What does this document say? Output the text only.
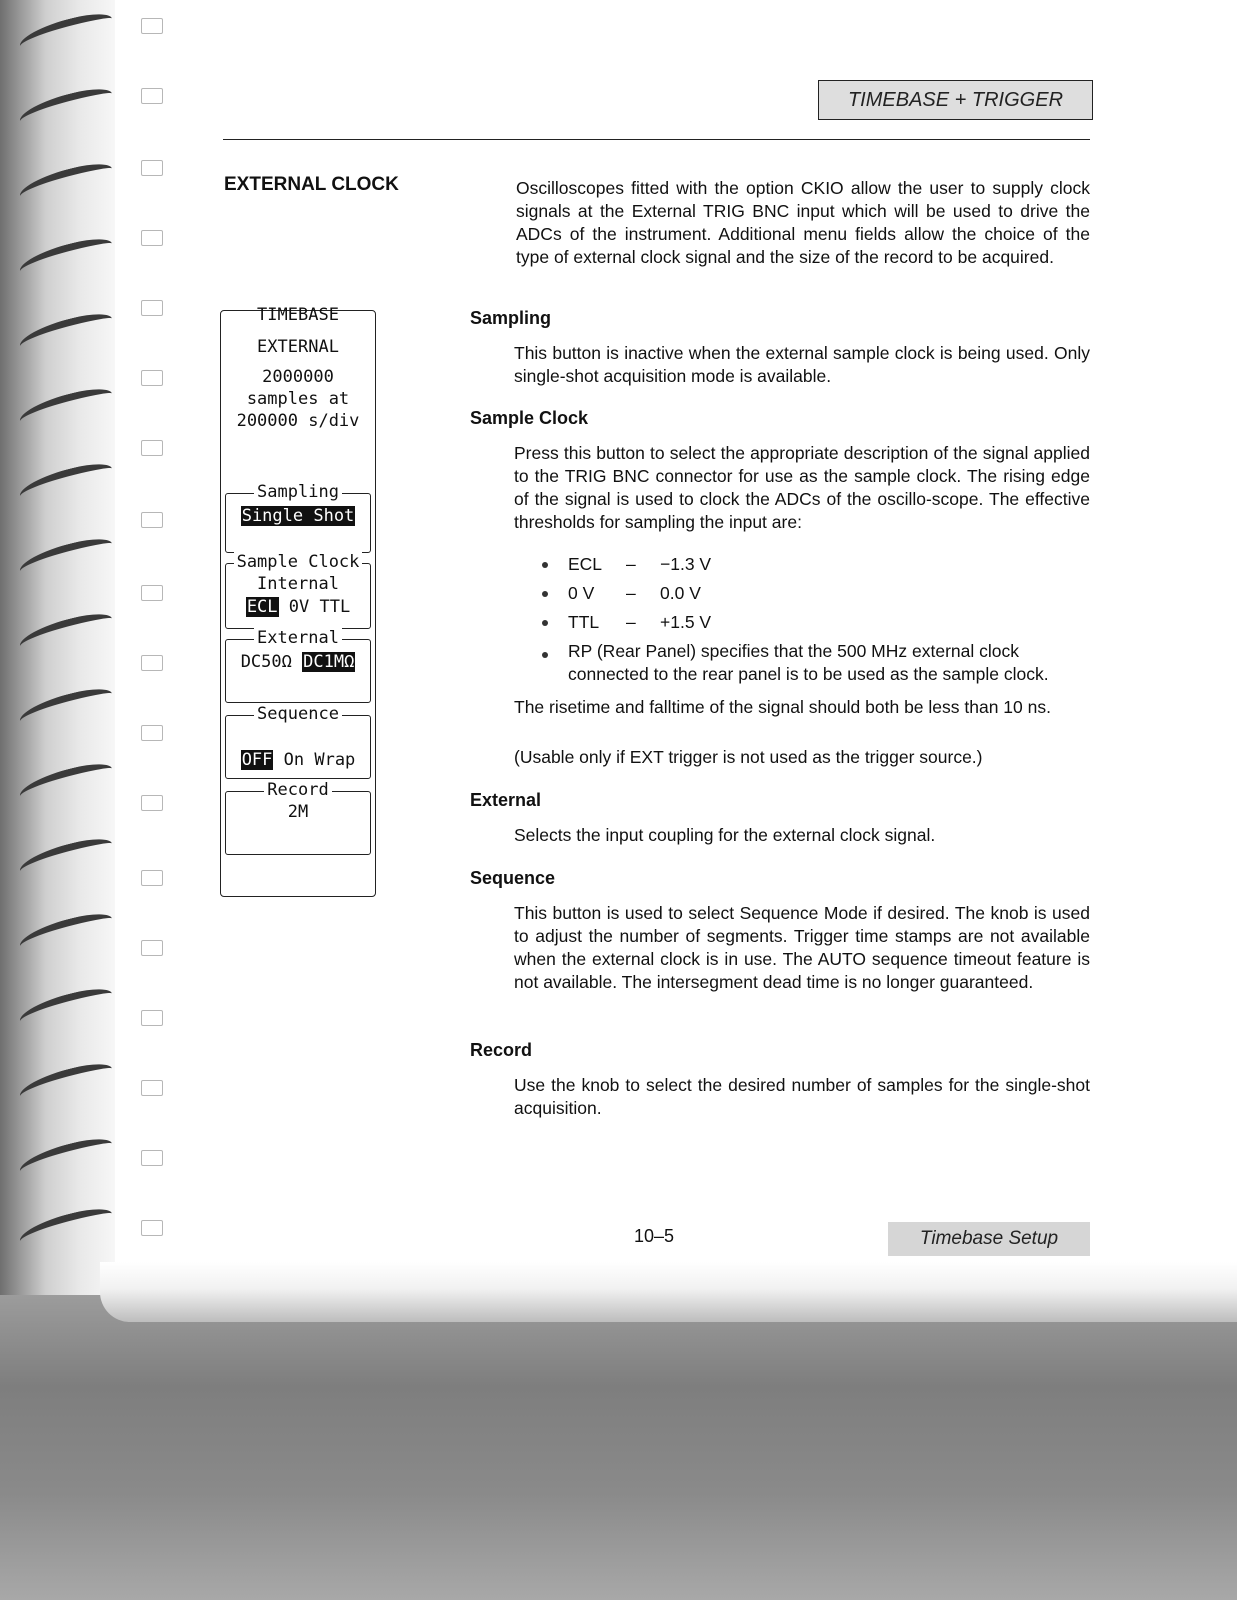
TIMEBASE + TRIGGER
EXTERNAL CLOCK	Oscilloscopes fitted with the option CKIO allow the user to supply clock signals at the External TRIG BNC input which will be used to drive the ADCs of the instrument. Additional menu fields allow the choice of the type of external clock signal and the size of the record to be acquired.
TIMEBASE
EXTERNAL
2000000
samples at
200000 s/div
Sampling
Single Shot
Sample Clock
Internal
ECL 0V TTL
External
DC50Ω DC1MΩ
Sequence
OFF On Wrap
Record
2M
Sampling
This button is inactive when the external sample clock is being used. Only single-shot acquisition mode is available.
Sample Clock
Press this button to select the appropriate description of the signal applied to the TRIG BNC connector for use as the sample clock. The rising edge of the signal is used to clock the ADCs of the oscillo-scope. The effective thresholds for sampling the input are:
ECL – −1.3 V
0 V – 0.0 V
TTL – +1.5 V
RP (Rear Panel) specifies that the 500 MHz external clock connected to the rear panel is to be used as the sample clock.
The risetime and falltime of the signal should both be less than 10 ns.
(Usable only if EXT trigger is not used as the trigger source.)
External
Selects the input coupling for the external clock signal.
Sequence
This button is used to select Sequence Mode if desired. The knob is used to adjust the number of segments. Trigger time stamps are not available when the external clock is in use. The AUTO sequence timeout feature is not available. The intersegment dead time is no longer guaranteed.
Record
Use the knob to select the desired number of samples for the single-shot acquisition.
10–5	Timebase Setup
